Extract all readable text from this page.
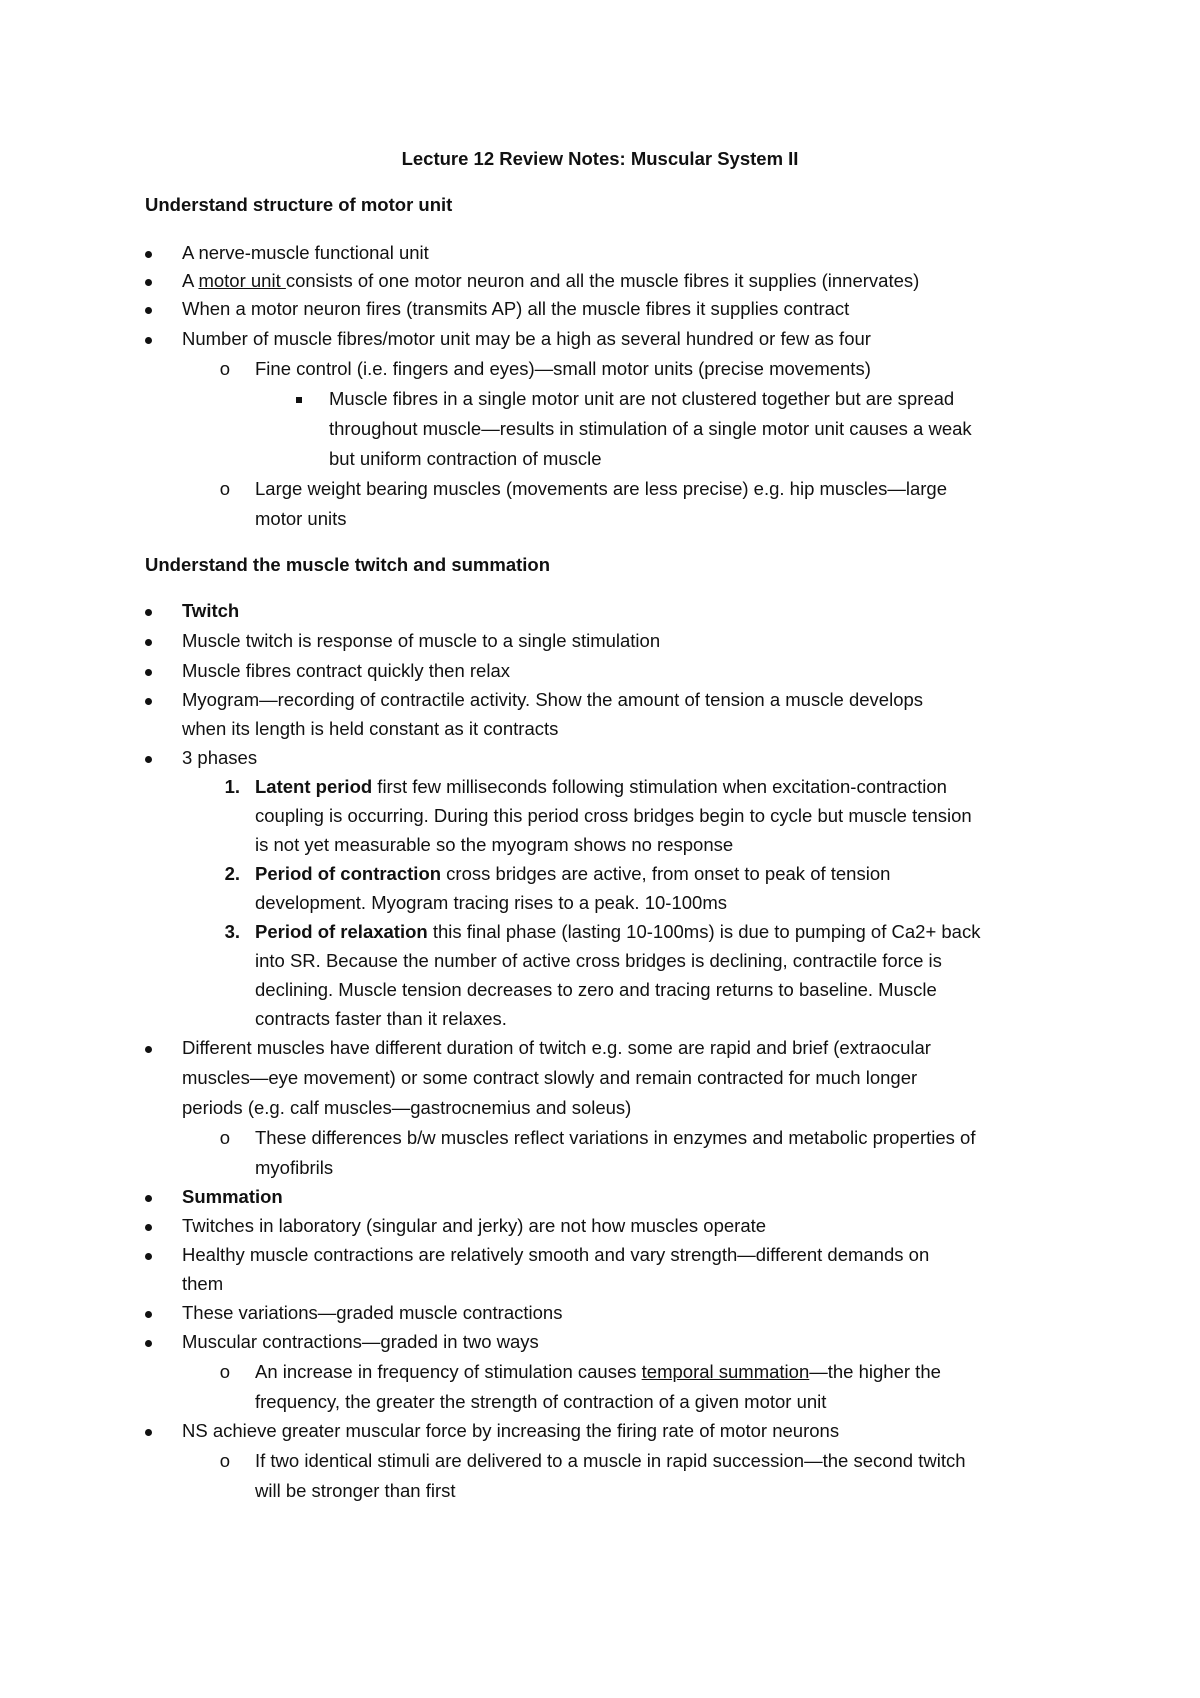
Lecture 12 Review Notes: Muscular System II
Understand structure of motor unit
A nerve-muscle functional unit
A motor unit consists of one motor neuron and all the muscle fibres it supplies (innervates)
When a motor neuron fires (transmits AP) all the muscle fibres it supplies contract
Number of muscle fibres/motor unit may be a high as several hundred or few as four
o Fine control (i.e. fingers and eyes)—small motor units (precise movements)
Muscle fibres in a single motor unit are not clustered together but are spread
throughout muscle—results in stimulation of a single motor unit causes a weak
but uniform contraction of muscle
o Large weight bearing muscles (movements are less precise) e.g. hip muscles—large
motor units
Understand the muscle twitch and summation
Twitch
Muscle twitch is response of muscle to a single stimulation
Muscle fibres contract quickly then relax
Myogram—recording of contractile activity. Show the amount of tension a muscle develops
when its length is held constant as it contracts
3 phases
1. Latent period first few milliseconds following stimulation when excitation-contraction
coupling is occurring. During this period cross bridges begin to cycle but muscle tension
is not yet measurable so the myogram shows no response
2. Period of contraction cross bridges are active, from onset to peak of tension
development. Myogram tracing rises to a peak. 10-100ms
3. Period of relaxation this final phase (lasting 10-100ms) is due to pumping of Ca2+ back
into SR. Because the number of active cross bridges is declining, contractile force is
declining. Muscle tension decreases to zero and tracing returns to baseline. Muscle
contracts faster than it relaxes.
Different muscles have different duration of twitch e.g. some are rapid and brief (extraocular
muscles—eye movement) or some contract slowly and remain contracted for much longer
periods (e.g. calf muscles—gastrocnemius and soleus)
o These differences b/w muscles reflect variations in enzymes and metabolic properties of
myofibrils
Summation
Twitches in laboratory (singular and jerky) are not how muscles operate
Healthy muscle contractions are relatively smooth and vary strength—different demands on
them
These variations—graded muscle contractions
Muscular contractions—graded in two ways
o An increase in frequency of stimulation causes temporal summation—the higher the
frequency, the greater the strength of contraction of a given motor unit
NS achieve greater muscular force by increasing the firing rate of motor neurons
o If two identical stimuli are delivered to a muscle in rapid succession—the second twitch
will be stronger than first
